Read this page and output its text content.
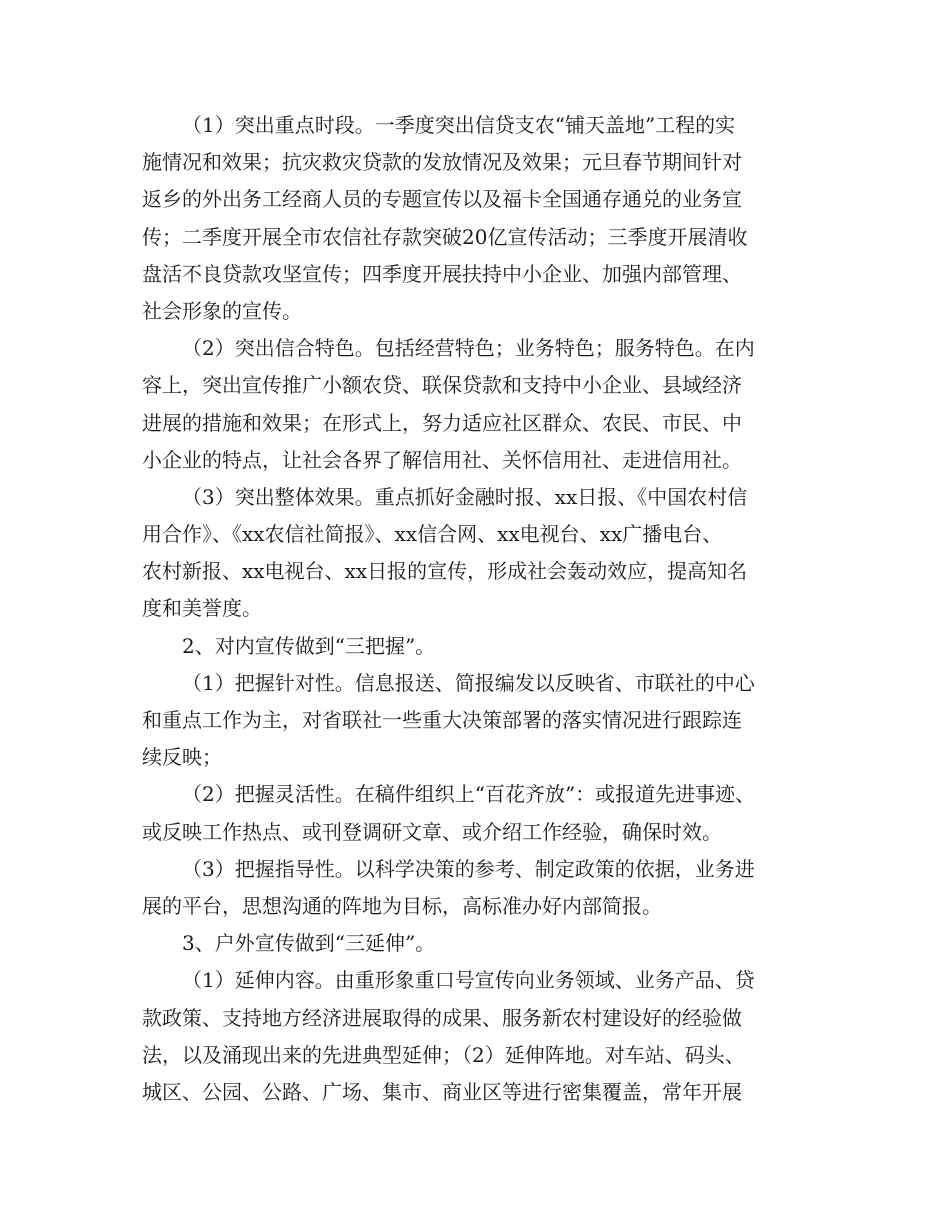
（1）突出重点时段。一季度突出信贷支农“铺天盖地”工程的实
施情况和效果；抗灾救灾贷款的发放情况及效果；元旦春节期间针对
返乡的外出务工经商人员的专题宣传以及福卡全国通存通兑的业务宣
传；二季度开展全市农信社存款突破20亿宣传活动；三季度开展清收
盘活不良贷款攻坚宣传；四季度开展扶持中小企业、加强内部管理、
社会形象的宣传。
（2）突出信合特色。包括经营特色；业务特色；服务特色。在内
容上，突出宣传推广小额农贷、联保贷款和支持中小企业、县域经济
进展的措施和效果；在形式上，努力适应社区群众、农民、市民、中
小企业的特点，让社会各界了解信用社、关怀信用社、走进信用社。
（3）突出整体效果。重点抓好金融时报、xx日报、《中国农村信
用合作》、《xx农信社简报》、xx信合网、xx电视台、xx广播电台、
农村新报、xx电视台、xx日报的宣传，形成社会轰动效应，提高知名
度和美誉度。
2、对内宣传做到“三把握”。
（1）把握针对性。信息报送、简报编发以反映省、市联社的中心
和重点工作为主，对省联社一些重大决策部署的落实情况进行跟踪连
续反映；
（2）把握灵活性。在稿件组织上“百花齐放”：或报道先进事迹、
或反映工作热点、或刊登调研文章、或介绍工作经验，确保时效。
（3）把握指导性。以科学决策的参考、制定政策的依据，业务进
展的平台，思想沟通的阵地为目标，高标准办好内部简报。
3、户外宣传做到“三延伸”。
（1）延伸内容。由重形象重口号宣传向业务领域、业务产品、贷
款政策、支持地方经济进展取得的成果、服务新农村建设好的经验做
法，以及涌现出来的先进典型延伸；（2）延伸阵地。对车站、码头、
城区、公园、公路、广场、集市、商业区等进行密集覆盖，常年开展
